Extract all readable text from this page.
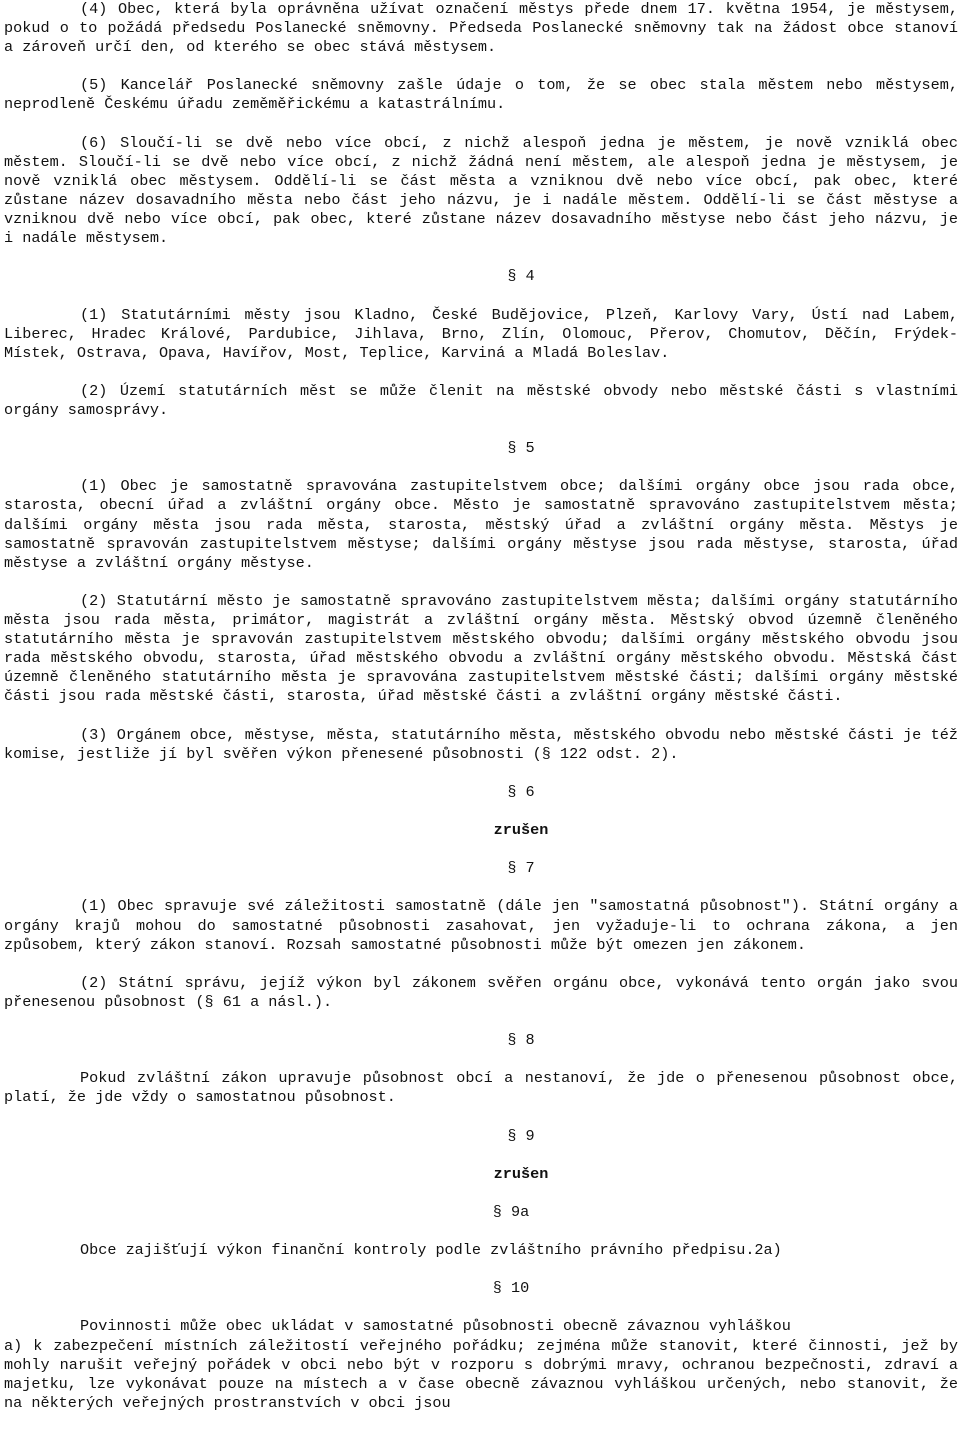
(4) Obec, která byla oprávněna užívat označení městys přede dnem 17. května 1954, je městysem, pokud o to požádá předsedu Poslanecké sněmovny. Předseda Poslanecké sněmovny tak na žádost obce stanoví a zároveň určí den, od kterého se obec stává městysem.

(5) Kancelář Poslanecké sněmovny zašle údaje o tom, že se obec stala městem nebo městysem, neprodleně Českému úřadu zeměměřickému a katastrálnímu.

(6) Sloučí-li se dvě nebo více obcí, z nichž alespoň jedna je městem, je nově vzniklá obec městem. Sloučí-li se dvě nebo více obcí, z nichž žádná není městem, ale alespoň jedna je městysem, je nově vzniklá obec městysem. Oddělí-li se část města a vzniknou dvě nebo více obcí, pak obec, které zůstane název dosavadního města nebo část jeho názvu, je i nadále městem. Oddělí-li se část městyse a vzniknou dvě nebo více obcí, pak obec, které zůstane název dosavadního městyse nebo část jeho názvu, je i nadále městysem.

§ 4

(1) Statutárními městy jsou Kladno, České Budějovice, Plzeň, Karlovy Vary, Ústí nad Labem, Liberec, Hradec Králové, Pardubice, Jihlava, Brno, Zlín, Olomouc, Přerov, Chomutov, Děčín, Frýdek-Místek, Ostrava, Opava, Havířov, Most, Teplice, Karviná a Mladá Boleslav.

(2) Území statutárních měst se může členit na městské obvody nebo městské části s vlastními orgány samosprávy.

§ 5

(1) Obec je samostatně spravována zastupitelstvem obce; dalšími orgány obce jsou rada obce, starosta, obecní úřad a zvláštní orgány obce. Město je samostatně spravováno zastupitelstvem města; dalšími orgány města jsou rada města, starosta, městský úřad a zvláštní orgány města. Městys je samostatně spravován zastupitelstvem městyse; dalšími orgány městyse jsou rada městyse, starosta, úřad městyse a zvláštní orgány městyse.

(2) Statutární město je samostatně spravováno zastupitelstvem města; dalšími orgány statutárního města jsou rada města, primátor, magistrát a zvláštní orgány města. Městský obvod územně členěného statutárního města je spravován zastupitelstvem městského obvodu; dalšími orgány městského obvodu jsou rada městského obvodu, starosta, úřad městského obvodu a zvláštní orgány městského obvodu. Městská část územně členěného statutárního města je spravována zastupitelstvem městské části; dalšími orgány městské části jsou rada městské části, starosta, úřad městské části a zvláštní orgány městské části.

(3) Orgánem obce, městyse, města, statutárního města, městského obvodu nebo městské části je též komise, jestliže jí byl svěřen výkon přenesené působnosti (§ 122 odst. 2).

§ 6

zrušen

§ 7

(1) Obec spravuje své záležitosti samostatně (dále jen "samostatná působnost"). Státní orgány a orgány krajů mohou do samostatné působnosti zasahovat, jen vyžaduje-li to ochrana zákona, a jen způsobem, který zákon stanoví. Rozsah samostatné působnosti může být omezen jen zákonem.

(2) Státní správu, jejíž výkon byl zákonem svěřen orgánu obce, vykonává tento orgán jako svou přenesenou působnost (§ 61 a násl.).

§ 8

Pokud zvláštní zákon upravuje působnost obcí a nestanoví, že jde o přenesenou působnost obce, platí, že jde vždy o samostatnou působnost.

§ 9

zrušen

§ 9a

Obce zajišťují výkon finanční kontroly podle zvláštního právního předpisu.2a)

§ 10

Povinnosti může obec ukládat v samostatné působnosti obecně závaznou vyhláškou

a) k zabezpečení místních záležitostí veřejného pořádku; zejména může stanovit, které činnosti, jež by mohly narušit veřejný pořádek v obci nebo být v rozporu s dobrými mravy, ochranou bezpečnosti, zdraví a majetku, lze vykonávat pouze na místech a v čase obecně závaznou vyhláškou určených, nebo stanovit, že na některých veřejných prostranstvích v obci jsou
